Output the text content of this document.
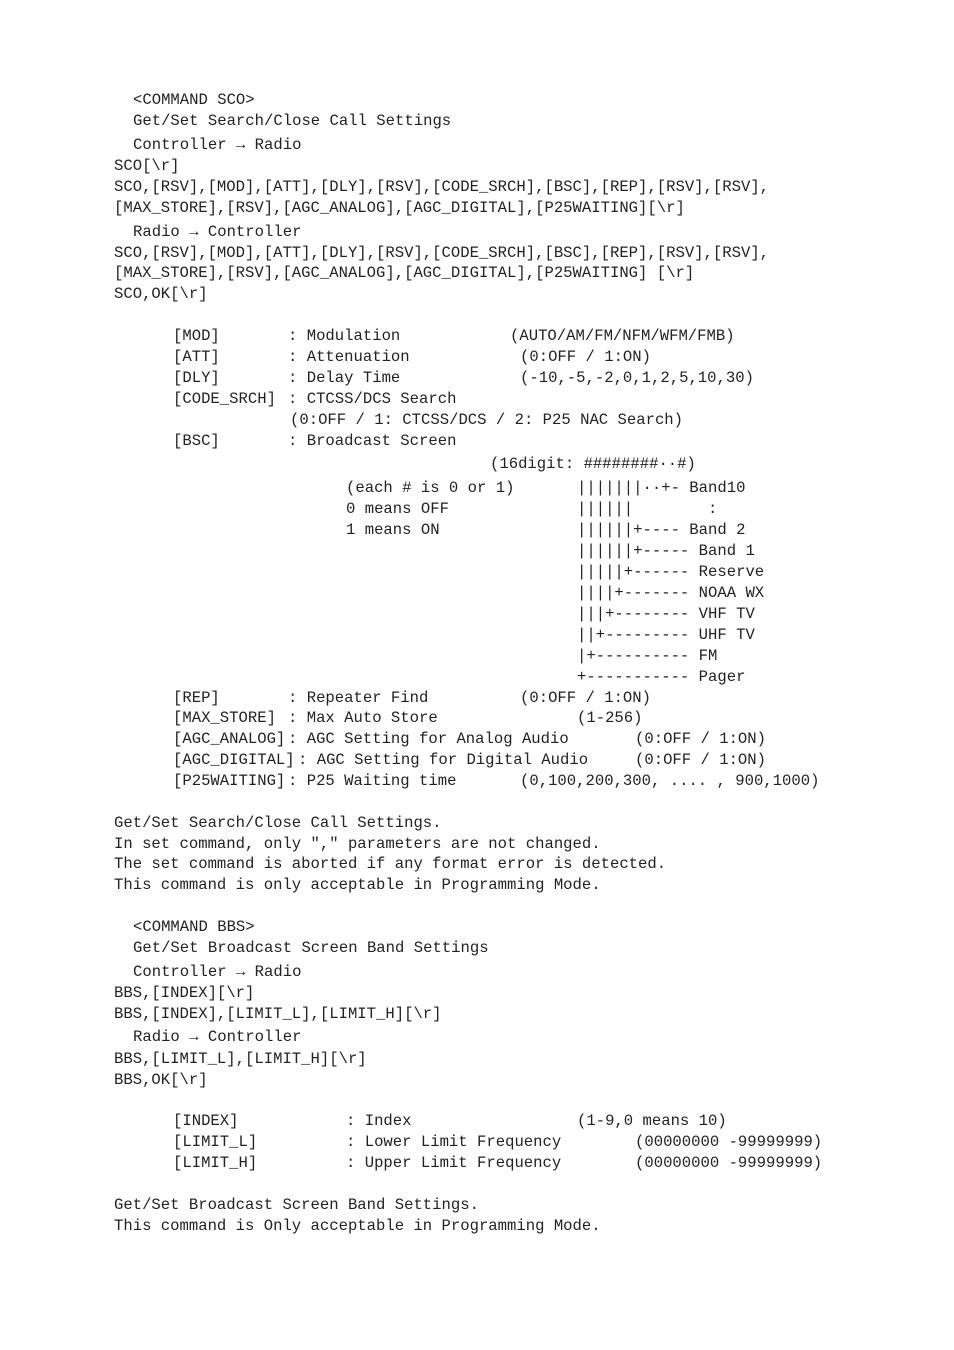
<COMMAND SCO>
Get/Set Search/Close Call Settings
Controller → Radio
SCO[\r]
SCO,[RSV],[MOD],[ATT],[DLY],[RSV],[CODE_SRCH],[BSC],[REP],[RSV],[RSV],
[MAX_STORE],[RSV],[AGC_ANALOG],[AGC_DIGITAL],[P25WAITING][\r]
Radio → Controller
SCO,[RSV],[MOD],[ATT],[DLY],[RSV],[CODE_SRCH],[BSC],[REP],[RSV],[RSV],
[MAX_STORE],[RSV],[AGC_ANALOG],[AGC_DIGITAL],[P25WAITING] [\r]
SCO,OK[\r]
[MOD]	: Modulation	(AUTO/AM/FM/NFM/WFM/FMB)
[ATT]	: Attenuation	(0:OFF / 1:ON)
[DLY]	: Delay Time	(-10,-5,-2,0,1,2,5,10,30)
[CODE_SRCH] : CTCSS/DCS Search
(0:OFF / 1: CTCSS/DCS / 2: P25 NAC Search)
[BSC]	: Broadcast Screen
(16digit: ########··#)
(each # is 0 or 1)
0 means OFF
1 means ON
|||||||··+- Band10
||||||        :
||||||+---- Band 2
||||||+----- Band 1
|||||+------ Reserve
||||+------- NOAA WX
|||+-------- VHF TV
||+--------- UHF TV
|+---------- FM
+----------- Pager
[REP]	: Repeater Find	(0:OFF / 1:ON)
[MAX_STORE] : Max Auto Store	(1-256)
[AGC_ANALOG] : AGC Setting for Analog Audio	(0:OFF / 1:ON)
[AGC_DIGITAL] : AGC Setting for Digital Audio	(0:OFF / 1:ON)
[P25WAITING] : P25 Waiting time	(0,100,200,300, .... , 900,1000)
Get/Set Search/Close Call Settings.
In set command, only "," parameters are not changed.
The set command is aborted if any format error is detected.
This command is only acceptable in Programming Mode.
<COMMAND BBS>
Get/Set Broadcast Screen Band Settings
Controller → Radio
BBS,[INDEX][\r]
BBS,[INDEX],[LIMIT_L],[LIMIT_H][\r]
Radio → Controller
BBS,[LIMIT_L],[LIMIT_H][\r]
BBS,OK[\r]
[INDEX]	: Index	(1-9,0 means 10)
[LIMIT_L]	: Lower Limit Frequency	(00000000 -99999999)
[LIMIT_H]	: Upper Limit Frequency	(00000000 -99999999)
Get/Set Broadcast Screen Band Settings.
This command is Only acceptable in Programming Mode.
